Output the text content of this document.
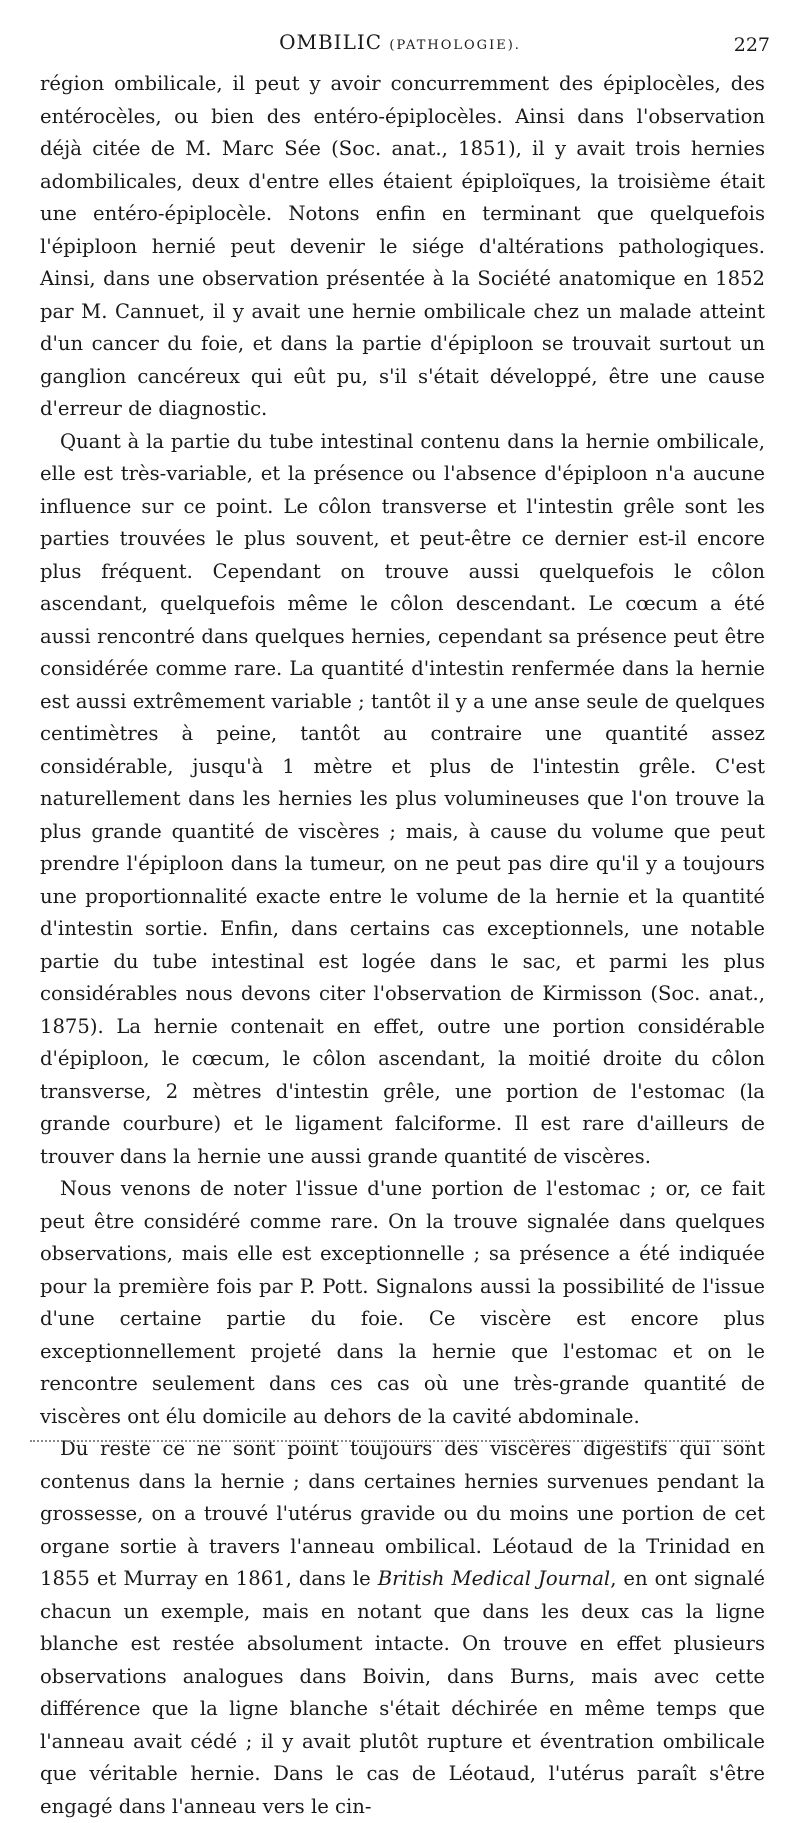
OMBILIC (PATHOLOGIE).	227

région ombilicale, il peut y avoir concurremment des épiplocèles, des entérocèles, ou bien des entéro-épiplocèles. Ainsi dans l'observation déjà citée de M. Marc Sée (Soc. anat., 1851), il y avait trois hernies adombilicales, deux d'entre elles étaient épiploïques, la troisième était une entéro-épiplocèle. Notons enfin en terminant que quelquefois l'épiploon hernié peut devenir le siége d'altérations pathologiques. Ainsi, dans une observation présentée à la Société anatomique en 1852 par M. Cannuet, il y avait une hernie ombilicale chez un malade atteint d'un cancer du foie, et dans la partie d'épiploon se trouvait surtout un ganglion cancéreux qui eût pu, s'il s'était développé, être une cause d'erreur de diagnostic.

Quant à la partie du tube intestinal contenu dans la hernie ombilicale, elle est très-variable, et la présence ou l'absence d'épiploon n'a aucune influence sur ce point. Le côlon transverse et l'intestin grêle sont les parties trouvées le plus souvent, et peut-être ce dernier est-il encore plus fréquent. Cependant on trouve aussi quelquefois le côlon ascendant, quelquefois même le côlon descendant. Le cœcum a été aussi rencontré dans quelques hernies, cependant sa présence peut être considérée comme rare. La quantité d'intestin renfermée dans la hernie est aussi extrêmement variable ; tantôt il y a une anse seule de quelques centimètres à peine, tantôt au contraire une quantité assez considérable, jusqu'à 1 mètre et plus de l'intestin grêle. C'est naturellement dans les hernies les plus volumineuses que l'on trouve la plus grande quantité de viscères ; mais, à cause du volume que peut prendre l'épiploon dans la tumeur, on ne peut pas dire qu'il y a toujours une proportionnalité exacte entre le volume de la hernie et la quantité d'intestin sortie. Enfin, dans certains cas exceptionnels, une notable partie du tube intestinal est logée dans le sac, et parmi les plus considérables nous devons citer l'observation de Kirmisson (Soc. anat., 1875). La hernie contenait en effet, outre une portion considérable d'épiploon, le cœcum, le côlon ascendant, la moitié droite du côlon transverse, 2 mètres d'intestin grêle, une portion de l'estomac (la grande courbure) et le ligament falciforme. Il est rare d'ailleurs de trouver dans la hernie une aussi grande quantité de viscères.

Nous venons de noter l'issue d'une portion de l'estomac ; or, ce fait peut être considéré comme rare. On la trouve signalée dans quelques observations, mais elle est exceptionnelle ; sa présence a été indiquée pour la première fois par P. Pott. Signalons aussi la possibilité de l'issue d'une certaine partie du foie. Ce viscère est encore plus exceptionnellement projeté dans la hernie que l'estomac et on le rencontre seulement dans ces cas où une très-grande quantité de viscères ont élu domicile au dehors de la cavité abdominale.

Du reste ce ne sont point toujours des viscères digestifs qui sont contenus dans la hernie ; dans certaines hernies survenues pendant la grossesse, on a trouvé l'utérus gravide ou du moins une portion de cet organe sortie à travers l'anneau ombilical. Léotaud de la Trinidad en 1855 et Murray en 1861, dans le British Medical Journal, en ont signalé chacun un exemple, mais en notant que dans les deux cas la ligne blanche est restée absolument intacte. On trouve en effet plusieurs observations analogues dans Boivin, dans Burns, mais avec cette différence que la ligne blanche s'était déchirée en même temps que l'anneau avait cédé ; il y avait plutôt rupture et éventration ombilicale que véritable hernie. Dans le cas de Léotaud, l'utérus paraît s'être engagé dans l'anneau vers le cin-
